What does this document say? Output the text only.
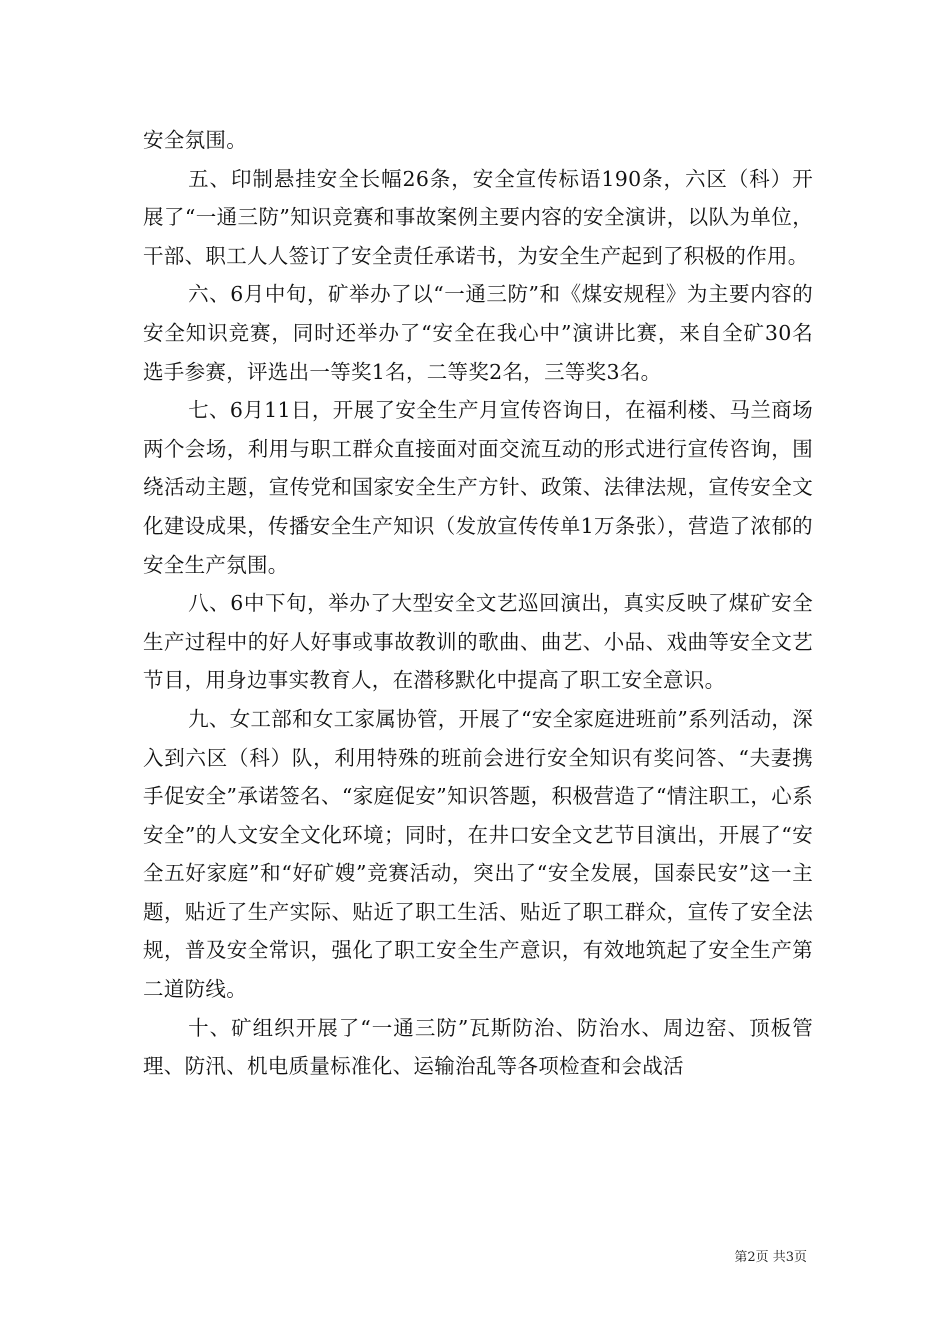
安全氛围。

五、印制悬挂安全长幅26条，安全宣传标语190条，六区（科）开展了“一通三防”知识竞赛和事故案例主要内容的安全演讲，以队为单位，干部、职工人人签订了安全责任承诺书，为安全生产起到了积极的作用。

六、6月中旬，矿举办了以“一通三防”和《煤安规程》为主要内容的安全知识竞赛，同时还举办了“安全在我心中”演讲比赛，来自全矿30名选手参赛，评选出一等奖1名，二等奖2名，三等奖3名。

七、6月11日，开展了安全生产月宣传咨询日，在福利楼、马兰商场两个会场，利用与职工群众直接面对面交流互动的形式进行宣传咨询，围绕活动主题，宣传党和国家安全生产方针、政策、法律法规，宣传安全文化建设成果，传播安全生产知识（发放宣传传单1万条张），营造了浓郁的安全生产氛围。

八、6中下旬，举办了大型安全文艺巡回演出，真实反映了煤矿安全生产过程中的好人好事或事故教训的歌曲、曲艺、小品、戏曲等安全文艺节目，用身边事实教育人，在潜移默化中提高了职工安全意识。

九、女工部和女工家属协管，开展了“安全家庭进班前”系列活动，深入到六区（科）队，利用特殊的班前会进行安全知识有奖问答、“夫妻携手促安全”承诺签名、“家庭促安”知识答题，积极营造了“情注职工，心系安全”的人文安全文化环境；同时，在井口安全文艺节目演出，开展了“安全五好家庭”和“好矿嫂”竞赛活动，突出了“安全发展，国泰民安”这一主题，贴近了生产实际、贴近了职工生活、贴近了职工群众，宣传了安全法规，普及安全常识，强化了职工安全生产意识，有效地筑起了安全生产第二道防线。

十、矿组织开展了“一通三防”瓦斯防治、防治水、周边窑、顶板管理、防汛、机电质量标准化、运输治乱等各项检查和会战活

第2页 共3页
